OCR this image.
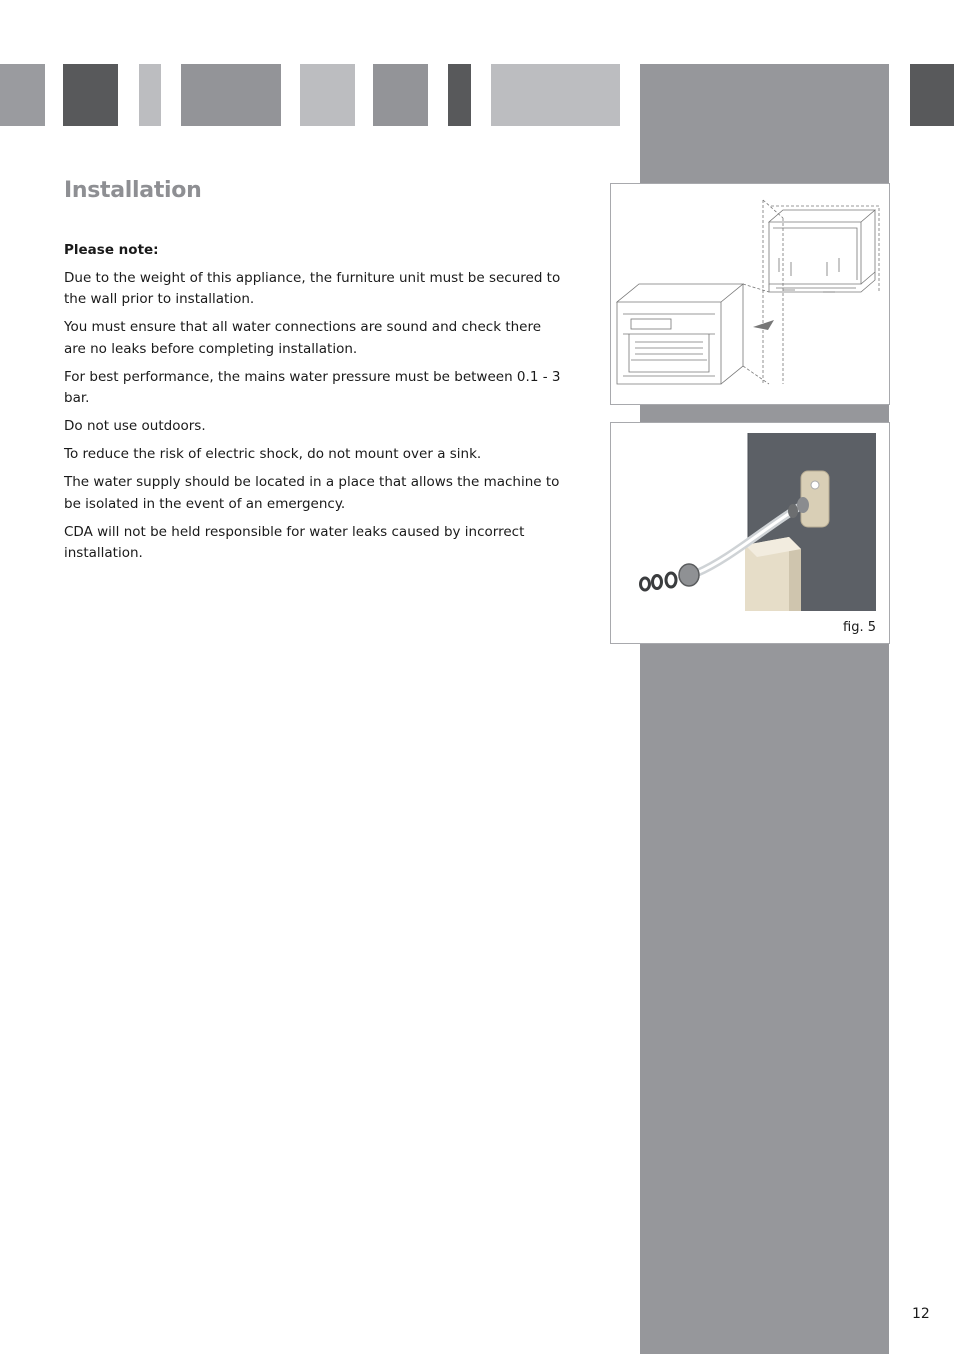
Installation

Please note:

Due to the weight of this appliance, the furniture unit must be secured to the wall prior to installation.

You must ensure that all water connections are sound and check there are no leaks before completing installation.

For best performance, the mains water pressure must be between 0.1 - 3 bar.

Do not use outdoors.

To reduce the risk of electric shock, do not mount over a sink.

The water supply should be located in a place that allows the machine to be isolated in the event of an emergency.

CDA will not be held responsible for water leaks caused by incorrect installation.

fig. 5
12
